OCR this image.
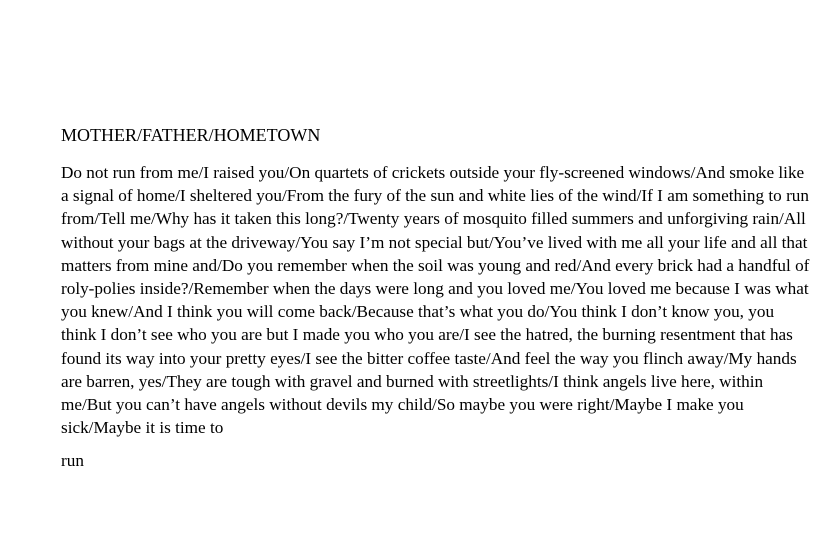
MOTHER/FATHER/HOMETOWN

Do not run from me/I raised you/On quartets of crickets outside your fly-screened windows/And smoke like a signal of home/I sheltered you/From the fury of the sun and white lies of the wind/If I am something to run from/Tell me/Why has it taken this long?/Twenty years of mosquito filled summers and unforgiving rain/All without your bags at the driveway/You say I’m not special but/You’ve lived with me all your life and all that matters from mine and/Do you remember when the soil was young and red/And every brick had a handful of roly-polies inside?/Remember when the days were long and you loved me/You loved me because I was what you knew/And I think you will come back/Because that’s what you do/You think I don’t know you, you think I don’t see who you are but I made you who you are/I see the hatred, the burning resentment that has found its way into your pretty eyes/I see the bitter coffee taste/And feel the way you flinch away/My hands are barren, yes/They are tough with gravel and burned with streetlights/I think angels live here, within me/But you can’t have angels without devils my child/So maybe you were right/Maybe I make you sick/Maybe it is time to

run
